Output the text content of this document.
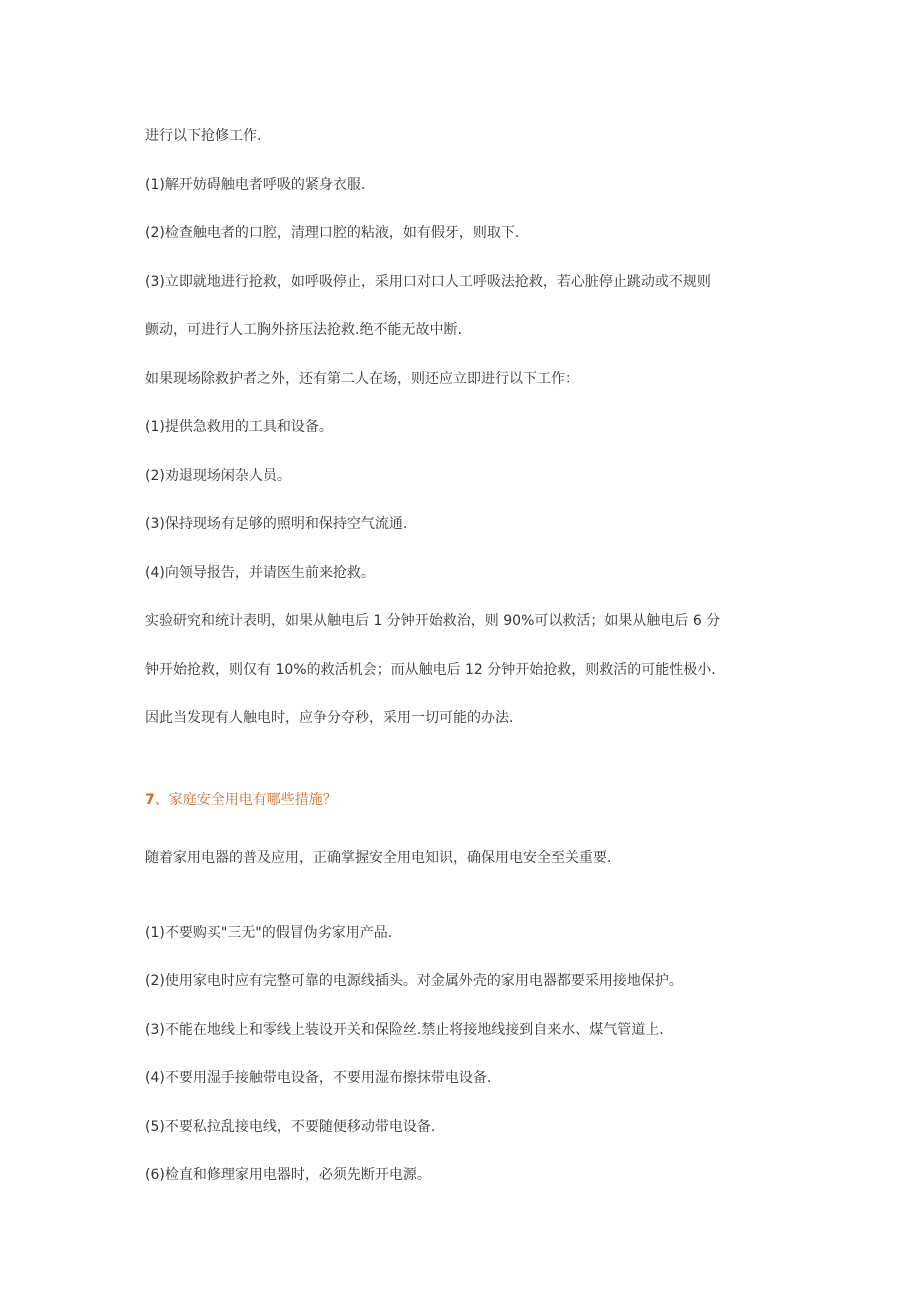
进行以下抢修工作.
(1)解开妨碍触电者呼吸的紧身衣服.
(2)检查触电者的口腔，清理口腔的粘液，如有假牙，则取下.
(3)立即就地进行抢救，如呼吸停止，采用口对口人工呼吸法抢救，若心脏停止跳动或不规则
颤动，可进行人工胸外挤压法抢救.绝不能无故中断.
如果现场除救护者之外，还有第二人在场，则还应立即进行以下工作：
(1)提供急救用的工具和设备。
(2)劝退现场闲杂人员。
(3)保持现场有足够的照明和保持空气流通.
(4)向领导报告，并请医生前来抢救。
实验研究和统计表明，如果从触电后 1 分钟开始救治，则 90%可以救活；如果从触电后 6 分
钟开始抢救，则仅有 10%的救活机会；而从触电后 12 分钟开始抢救，则救活的可能性极小.
因此当发现有人触电时，应争分夺秒，采用一切可能的办法.
7、家庭安全用电有哪些措施？
随着家用电器的普及应用，正确掌握安全用电知识，确保用电安全至关重要.
(1)不要购买"三无"的假冒伪劣家用产品.
(2)使用家电时应有完整可靠的电源线插头。对金属外壳的家用电器都要采用接地保护。
(3)不能在地线上和零线上装设开关和保险丝.禁止将接地线接到自来水、煤气管道上.
(4)不要用湿手接触带电设备，不要用湿布擦抹带电设备.
(5)不要私拉乱接电线，不要随便移动带电设备.
(6)检直和修理家用电器时，必须先断开电源。
